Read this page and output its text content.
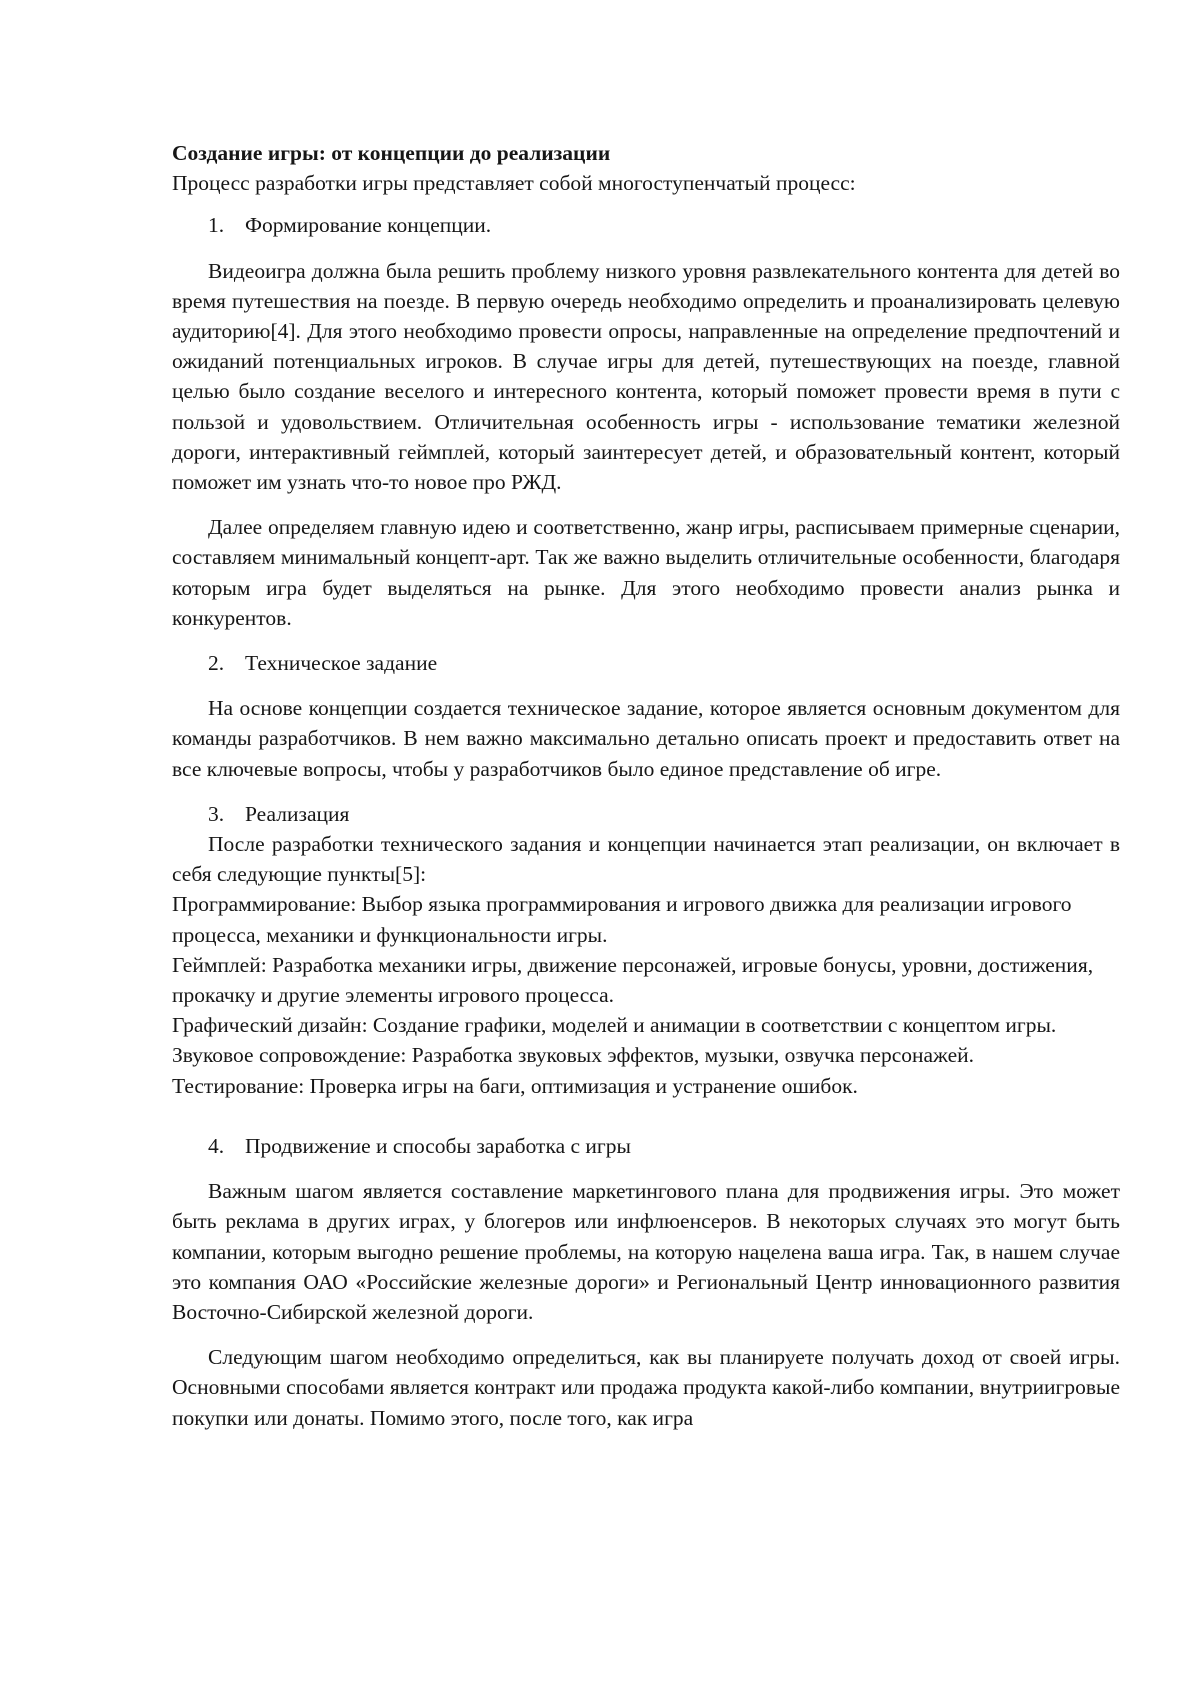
Создание игры: от концепции до реализации

Процесс разработки игры представляет собой многоступенчатый процесс:

1. Формирование концепции.

Видеоигра должна была решить проблему низкого уровня развлекательного контента для детей во время путешествия на поезде. В первую очередь необходимо определить и проанализировать целевую аудиторию[4]. Для этого необходимо провести опросы, направленные на определение предпочтений и ожиданий потенциальных игроков. В случае игры для детей, путешествующих на поезде, главной целью было создание веселого и интересного контента, который поможет провести время в пути с пользой и удовольствием. Отличительная особенность игры - использование тематики железной дороги, интерактивный геймплей, который заинтересует детей, и образовательный контент, который поможет им узнать что-то новое про РЖД.

Далее определяем главную идею и соответственно, жанр игры, расписываем примерные сценарии, составляем минимальный концепт-арт. Так же важно выделить отличительные особенности, благодаря которым игра будет выделяться на рынке. Для этого необходимо провести анализ рынка и конкурентов.

2. Техническое задание

На основе концепции создается техническое задание, которое является основным документом для команды разработчиков. В нем важно максимально детально описать проект и предоставить ответ на все ключевые вопросы, чтобы у разработчиков было единое представление об игре.

3. Реализация

После разработки технического задания и концепции начинается этап реализации, он включает в себя следующие пункты[5]:

Программирование: Выбор языка программирования и игрового движка для реализации игрового процесса, механики и функциональности игры.

Геймплей: Разработка механики игры, движение персонажей, игровые бонусы, уровни, достижения, прокачку и другие элементы игрового процесса.

Графический дизайн: Создание графики, моделей и анимации в соответствии с концептом игры.

Звуковое сопровождение: Разработка звуковых эффектов, музыки, озвучка персонажей.

Тестирование: Проверка игры на баги, оптимизация и устранение ошибок.

4. Продвижение и способы заработка с игры

Важным шагом является составление маркетингового плана для продвижения игры. Это может быть реклама в других играх, у блогеров или инфлюенсеров. В некоторых случаях это могут быть компании, которым выгодно решение проблемы, на которую нацелена ваша игра. Так, в нашем случае это компания ОАО «Российские железные дороги» и Региональный Центр инновационного развития Восточно-Сибирской железной дороги.

Следующим шагом необходимо определиться, как вы планируете получать доход от своей игры. Основными способами является контракт или продажа продукта какой-либо компании, внутриигровые покупки или донаты. Помимо этого, после того, как игра
